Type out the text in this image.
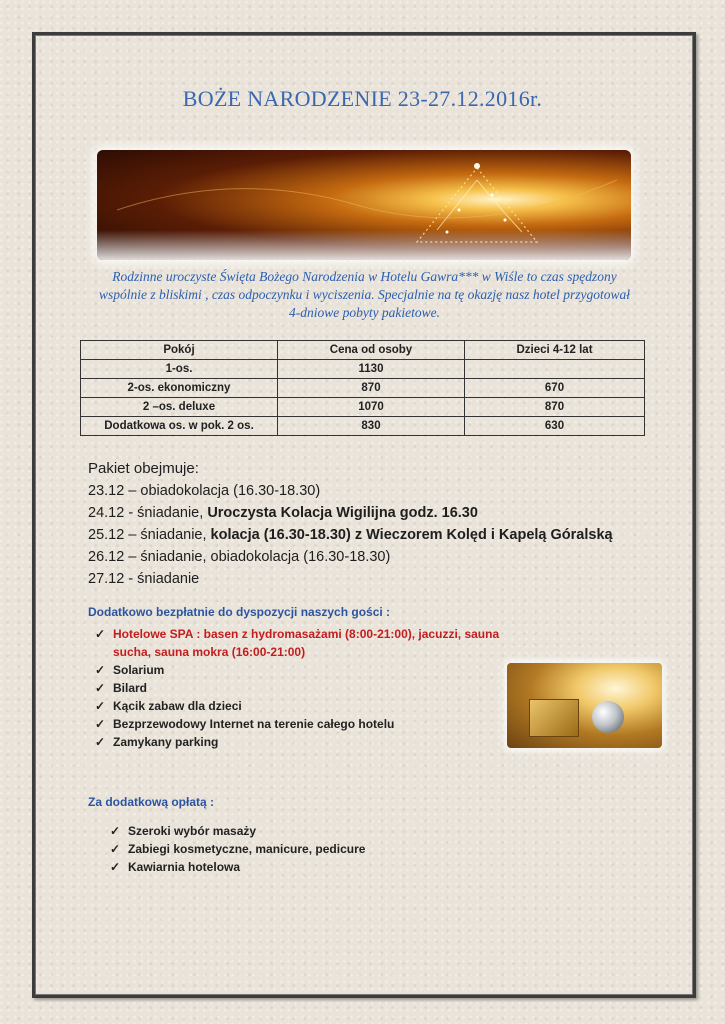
BOŻE NARODZENIE 23-27.12.2016r.
Rodzinne uroczyste Święta Bożego Narodzenia w Hotelu Gawra*** w Wiśle to czas spędzony wspólnie z bliskimi , czas odpoczynku i wyciszenia. Specjalnie na tę okazję nasz hotel przygotował 4-dniowe pobyty pakietowe.
Pokój	Cena od osoby	Dzieci 4-12 lat
1-os.	1130	
2-os. ekonomiczny	870	670
2 –os. deluxe	1070	870
Dodatkowa os. w pok. 2 os.	830	630
Pakiet obejmuje:
23.12 – obiadokolacja (16.30-18.30)
24.12 - śniadanie, Uroczysta Kolacja Wigilijna godz. 16.30
25.12 – śniadanie, kolacja (16.30-18.30) z Wieczorem Kolęd i Kapelą Góralską
26.12 – śniadanie, obiadokolacja (16.30-18.30)
27.12 - śniadanie
Dodatkowo bezpłatnie do dyspozycji naszych gości :
✓ Hotelowe SPA : basen z hydromasażami (8:00-21:00), jacuzzi, sauna sucha, sauna mokra (16:00-21:00)
✓ Solarium
✓ Bilard
✓ Kącik zabaw dla dzieci
✓ Bezprzewodowy Internet na terenie całego hotelu
✓ Zamykany parking
Za dodatkową opłatą :
✓ Szeroki wybór masaży
✓ Zabiegi kosmetyczne, manicure, pedicure
✓ Kawiarnia hotelowa
